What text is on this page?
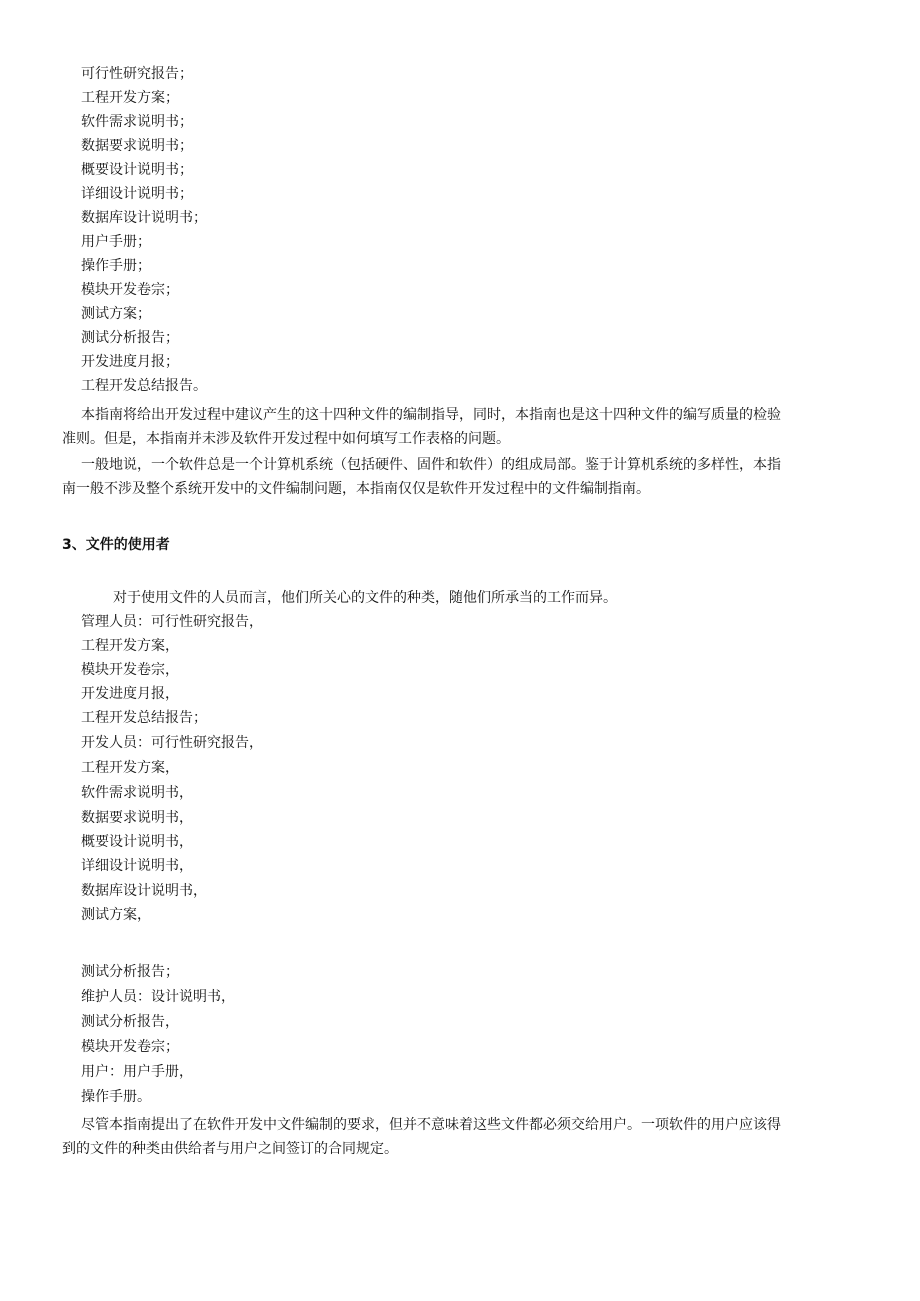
可行性研究报告；
工程开发方案；
软件需求说明书；
数据要求说明书；
概要设计说明书；
详细设计说明书；
数据库设计说明书；
用户手册；
操作手册；
模块开发卷宗；
测试方案；
测试分析报告；
开发进度月报；
工程开发总结报告。
本指南将给出开发过程中建议产生的这十四种文件的编制指导，同时，本指南也是这十四种文件的编写质量的检验
准则。但是，本指南并未涉及软件开发过程中如何填写工作表格的问题。
一般地说，一个软件总是一个计算机系统（包括硬件、固件和软件）的组成局部。鉴于计算机系统的多样性，本指
南一般不涉及整个系统开发中的文件编制问题，本指南仅仅是软件开发过程中的文件编制指南。
3、文件的使用者
对于使用文件的人员而言，他们所关心的文件的种类，随他们所承当的工作而异。
管理人员：可行性研究报告，
工程开发方案，
模块开发卷宗，
开发进度月报，
工程开发总结报告；
开发人员：可行性研究报告，
工程开发方案，
软件需求说明书，
数据要求说明书，
概要设计说明书，
详细设计说明书，
数据库设计说明书，
测试方案，
测试分析报告；
维护人员：设计说明书，
测试分析报告，
模块开发卷宗；
用户：用户手册，
操作手册。
尽管本指南提出了在软件开发中文件编制的要求，但并不意味着这些文件都必须交给用户。一项软件的用户应该得
到的文件的种类由供给者与用户之间签订的合同规定。
